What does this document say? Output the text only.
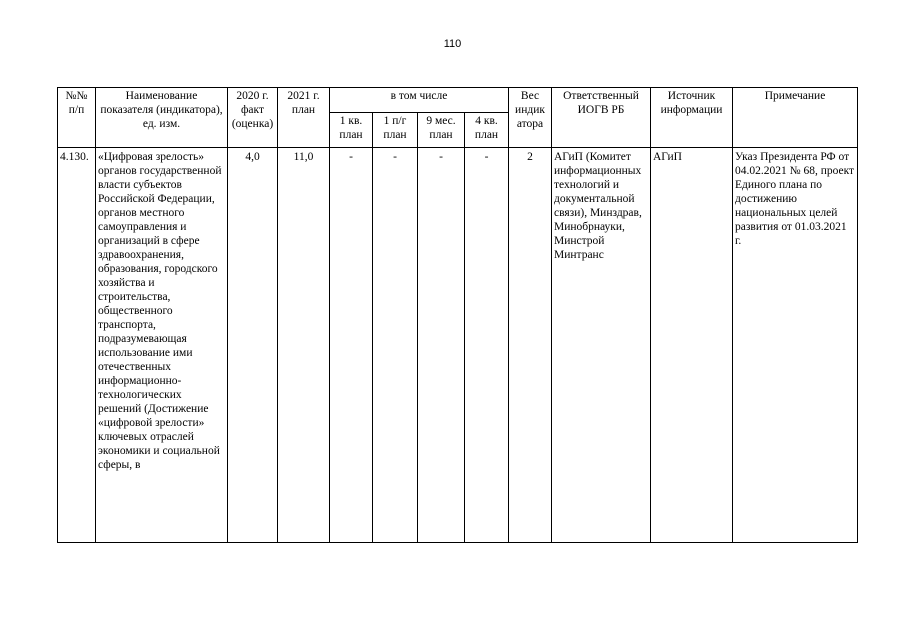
110
№№ п/п	Наименование показателя (индикатора), ед. изм.	2020 г. факт (оценка)	2021 г. план	в том числе				Вес индик атора	Ответственный ИОГВ РБ	Источник информации	Примечание
				1 кв. план	1 п/г план	9 мес. план	4 кв. план				
4.130.	«Цифровая зрелость» органов государственной власти субъектов Российской Федерации, органов местного самоуправления и организаций в сфере здравоохранения, образования, городского хозяйства и строительства, общественного транспорта, подразумевающая использование ими отечественных информационно-технологических решений (Достижение «цифровой зрелости» ключевых отраслей экономики и социальной сферы, в	4,0	11,0	-	-	-	-	2	АГиП (Комитет информационных технологий и документальной связи), Минздрав, Минобрнауки, Минстрой Минтранс	АГиП	Указ Президента РФ от 04.02.2021 № 68, проект Единого плана по достижению национальных целей развития от 01.03.2021 г.
